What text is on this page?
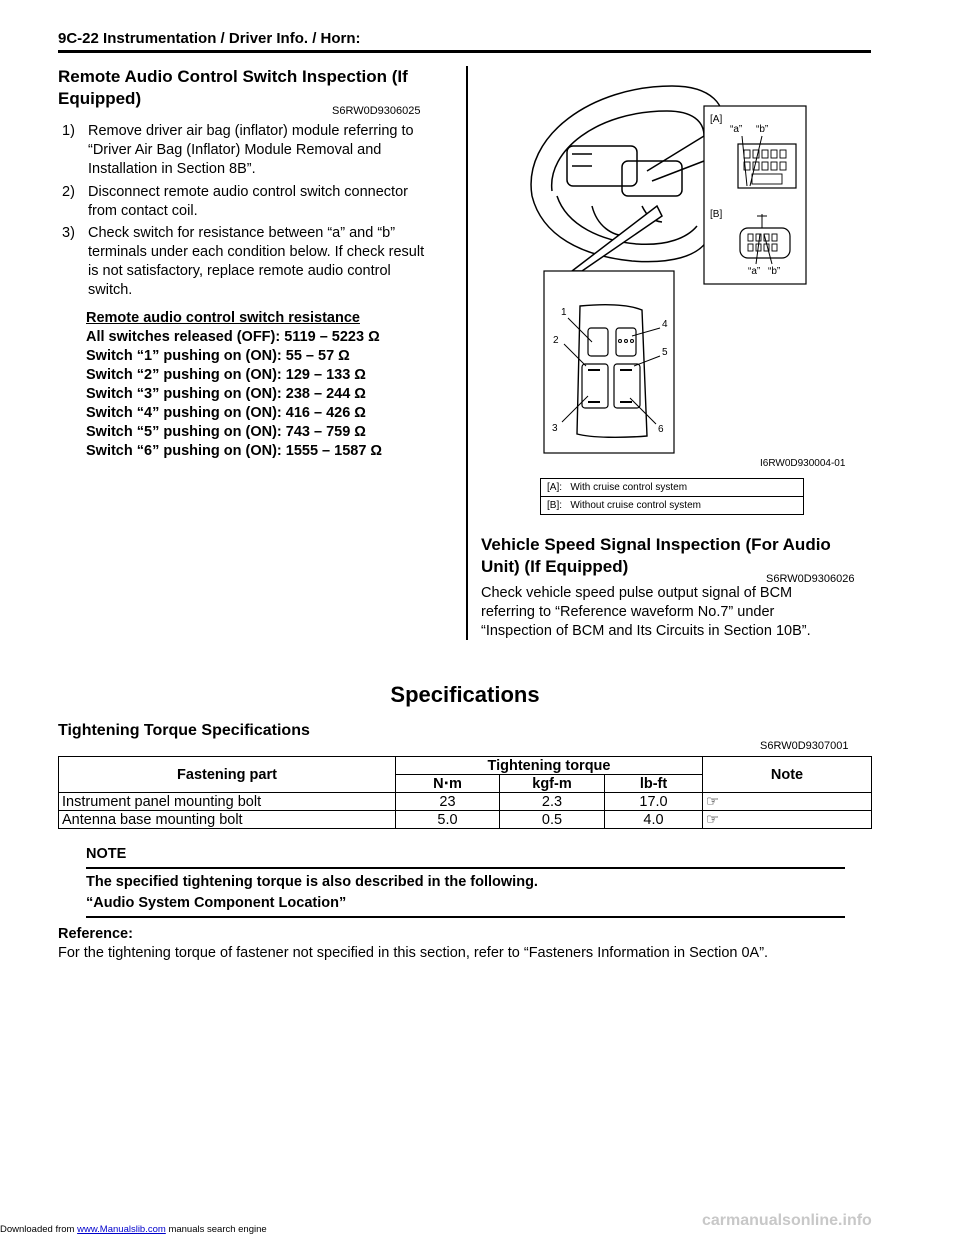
9C-22 Instrumentation / Driver Info. / Horn:
Remote Audio Control Switch Inspection (If
Equipped)
S6RW0D9306025
1) Remove driver air bag (inflator) module referring to “Driver Air Bag (Inflator) Module Removal and Installation in Section 8B”.
2) Disconnect remote audio control switch connector from contact coil.
3) Check switch for resistance between “a” and “b” terminals under each condition below. If check result is not satisfactory, replace remote audio control switch.
Remote audio control switch resistance
All switches released (OFF): 5119 – 5223 Ω
Switch “1” pushing on (ON): 55 – 57 Ω
Switch “2” pushing on (ON): 129 – 133 Ω
Switch “3” pushing on (ON): 238 – 244 Ω
Switch “4” pushing on (ON): 416 – 426 Ω
Switch “5” pushing on (ON): 743 – 759 Ω
Switch “6” pushing on (ON): 1555 – 1587 Ω
[A]
“a” “b”
[B]
“a” “b”
1
2
3
4
5
6
I6RW0D930004-01
[A]: With cruise control system
[B]: Without cruise control system
Vehicle Speed Signal Inspection (For Audio
Unit) (If Equipped)
S6RW0D9306026
Check vehicle speed pulse output signal of BCM
referring to “Reference waveform No.7” under
“Inspection of BCM and Its Circuits in Section 10B”.
Specifications
Tightening Torque Specifications
S6RW0D9307001
Fastening part	Tightening torque			Note
	N⋅m	kgf-m	lb-ft	
Instrument panel mounting bolt	23	2.3	17.0	☞
Antenna base mounting bolt	5.0	0.5	4.0	☞
NOTE
The specified tightening torque is also described in the following.
“Audio System Component Location”
Reference:
For the tightening torque of fastener not specified in this section, refer to “Fasteners Information in Section 0A”.
Downloaded from www.Manualslib.com manuals search engine
carmanualsonline.info
